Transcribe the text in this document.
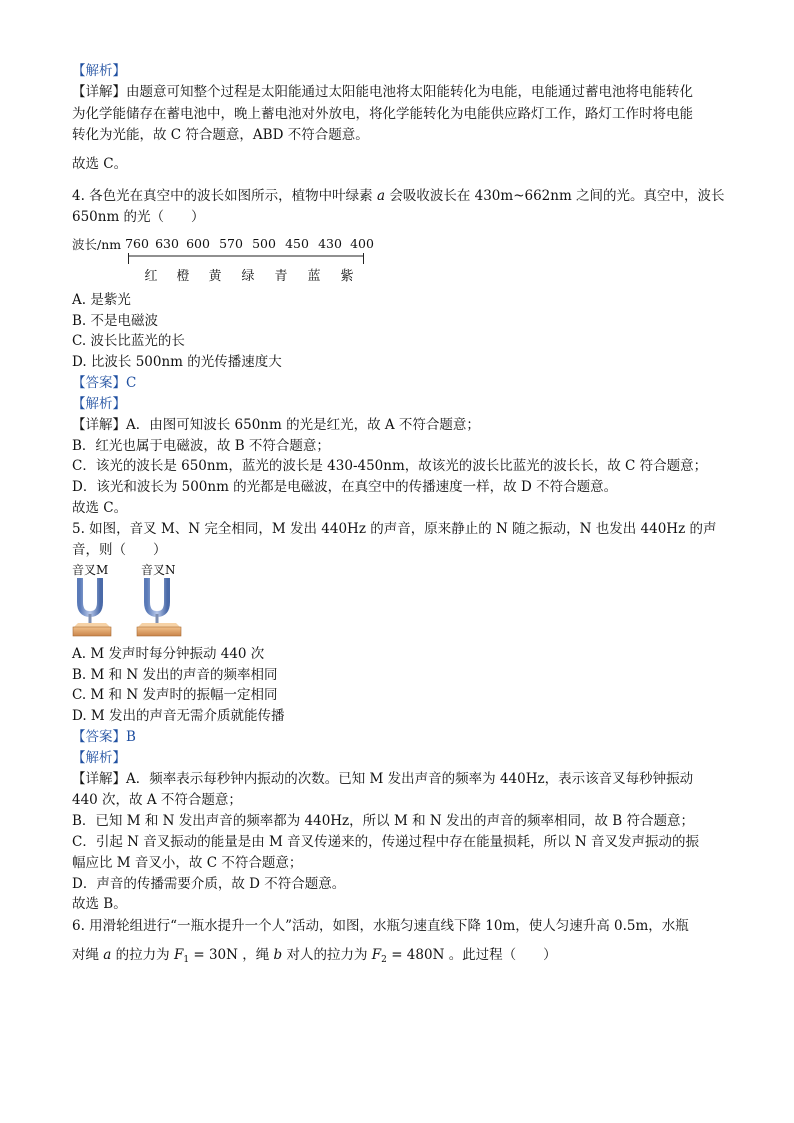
【解析】
【详解】由题意可知整个过程是太阳能通过太阳能电池将太阳能转化为电能，电能通过蓄电池将电能转化
为化学能储存在蓄电池中，晚上蓄电池对外放电，将化学能转化为电能供应路灯工作，路灯工作时将电能
转化为光能，故 C 符合题意，ABD 不符合题意。
故选 C。
4. 各色光在真空中的波长如图所示，植物中叶绿素 a 会吸收波长在 430m~662nm 之间的光。真空中，波长
650nm 的光（　　）
波长/nm 760 630 600 570 500 450 430 400
红	橙	黄	绿	青	蓝	紫
A. 是紫光
B. 不是电磁波
C. 波长比蓝光的长
D. 比波长 500nm 的光传播速度大
【答案】C
【解析】
【详解】A．由图可知波长 650nm 的光是红光，故 A 不符合题意；
B．红光也属于电磁波，故 B 不符合题意；
C．该光的波长是 650nm，蓝光的波长是 430-450nm，故该光的波长比蓝光的波长长，故 C 符合题意；
D．该光和波长为 500nm 的光都是电磁波，在真空中的传播速度一样，故 D 不符合题意。
故选 C。
5. 如图，音叉 M、N 完全相同，M 发出 440Hz 的声音，原来静止的 N 随之振动，N 也发出 440Hz 的声
音，则（　　）
音叉M	音叉N
A. M 发声时每分钟振动 440 次
B. M 和 N 发出的声音的频率相同
C. M 和 N 发声时的振幅一定相同
D. M 发出的声音无需介质就能传播
【答案】B
【解析】
【详解】A．频率表示每秒钟内振动的次数。已知 M 发出声音的频率为 440Hz，表示该音叉每秒钟振动
440 次，故 A 不符合题意；
B．已知 M 和 N 发出声音的频率都为 440Hz，所以 M 和 N 发出的声音的频率相同，故 B 符合题意；
C．引起 N 音叉振动的能量是由 M 音叉传递来的，传递过程中存在能量损耗，所以 N 音叉发声振动的振
幅应比 M 音叉小，故 C 不符合题意；
D．声音的传播需要介质，故 D 不符合题意。
故选 B。
6. 用滑轮组进行“一瓶水提升一个人”活动，如图，水瓶匀速直线下降 10m，使人匀速升高 0.5m，水瓶
对绳 a 的拉力为 $F_1 = 30N$ ，绳 b 对人的拉力为 $F_2 = 480N$ 。此过程（　　）
